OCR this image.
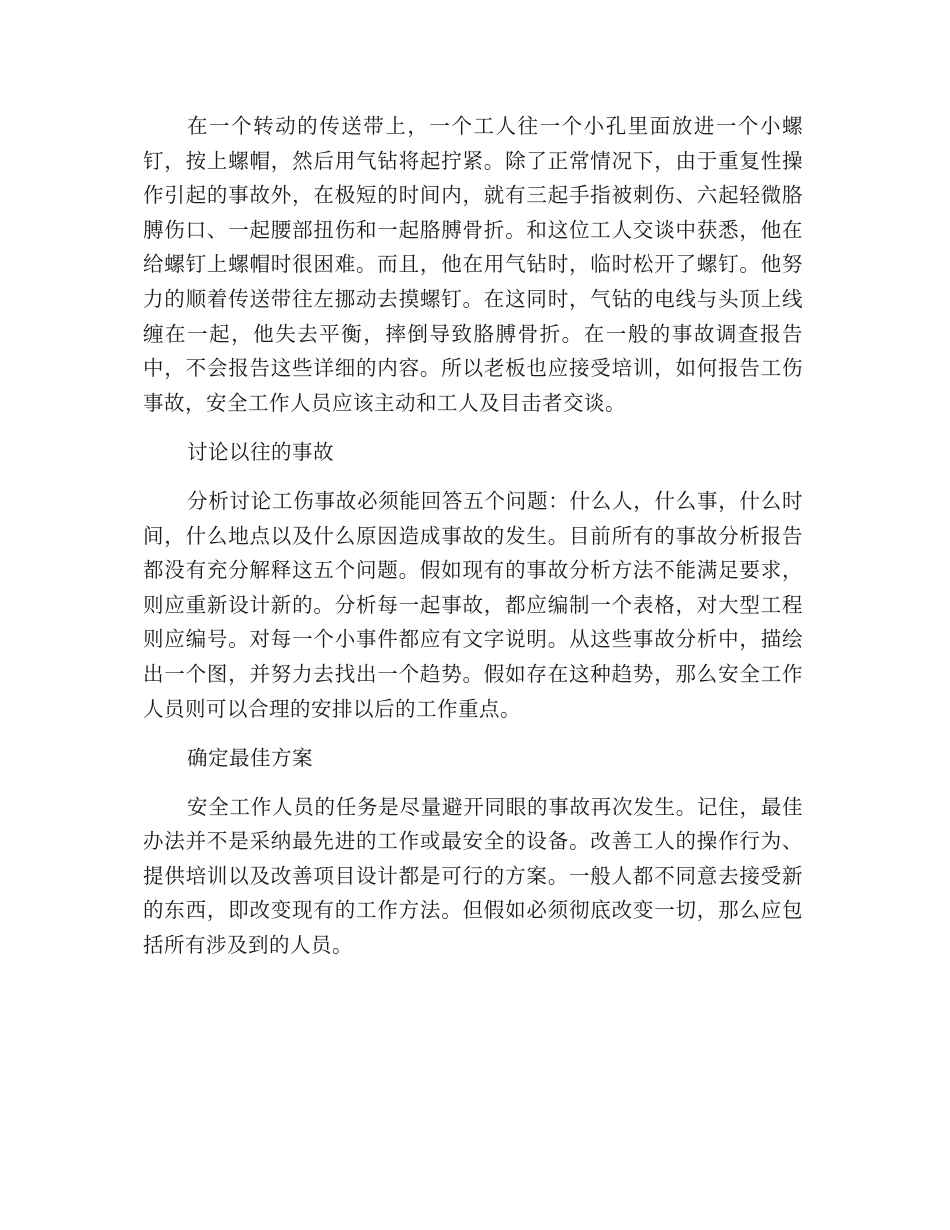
在一个转动的传送带上，一个工人往一个小孔里面放进一个小螺钉，按上螺帽，然后用气钻将起拧紧。除了正常情况下，由于重复性操作引起的事故外，在极短的时间内，就有三起手指被刺伤、六起轻微胳膊伤口、一起腰部扭伤和一起胳膊骨折。和这位工人交谈中获悉，他在给螺钉上螺帽时很困难。而且，他在用气钻时，临时松开了螺钉。他努力的顺着传送带往左挪动去摸螺钉。在这同时，气钻的电线与头顶上线缠在一起，他失去平衡，摔倒导致胳膊骨折。在一般的事故调查报告中，不会报告这些详细的内容。所以老板也应接受培训，如何报告工伤事故，安全工作人员应该主动和工人及目击者交谈。

讨论以往的事故

分析讨论工伤事故必须能回答五个问题：什么人，什么事，什么时间，什么地点以及什么原因造成事故的发生。目前所有的事故分析报告都没有充分解释这五个问题。假如现有的事故分析方法不能满足要求，则应重新设计新的。分析每一起事故，都应编制一个表格，对大型工程则应编号。对每一个小事件都应有文字说明。从这些事故分析中，描绘出一个图，并努力去找出一个趋势。假如存在这种趋势，那么安全工作人员则可以合理的安排以后的工作重点。

确定最佳方案

安全工作人员的任务是尽量避开同眼的事故再次发生。记住，最佳办法并不是采纳最先进的工作或最安全的设备。改善工人的操作行为、提供培训以及改善项目设计都是可行的方案。一般人都不同意去接受新的东西，即改变现有的工作方法。但假如必须彻底改变一切，那么应包括所有涉及到的人员。
